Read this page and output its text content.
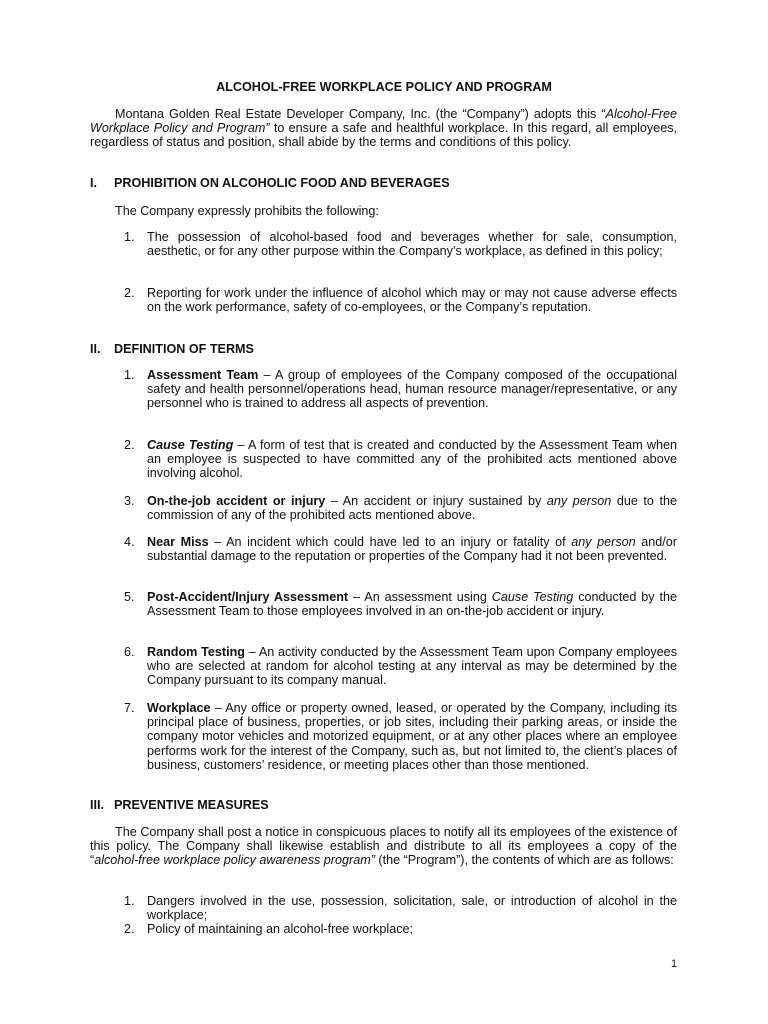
ALCOHOL-FREE WORKPLACE POLICY AND PROGRAM
Montana Golden Real Estate Developer Company, Inc. (the “Company”) adopts this “Alcohol-Free Workplace Policy and Program” to ensure a safe and healthful workplace. In this regard, all employees, regardless of status and position, shall abide by the terms and conditions of this policy.
I. PROHIBITION ON ALCOHOLIC FOOD AND BEVERAGES
The Company expressly prohibits the following:
1. The possession of alcohol-based food and beverages whether for sale, consumption, aesthetic, or for any other purpose within the Company’s workplace, as defined in this policy;
2. Reporting for work under the influence of alcohol which may or may not cause adverse effects on the work performance, safety of co-employees, or the Company’s reputation.
II. DEFINITION OF TERMS
1. Assessment Team – A group of employees of the Company composed of the occupational safety and health personnel/operations head, human resource manager/representative, or any personnel who is trained to address all aspects of prevention.
2. Cause Testing – A form of test that is created and conducted by the Assessment Team when an employee is suspected to have committed any of the prohibited acts mentioned above involving alcohol.
3. On-the-job accident or injury – An accident or injury sustained by any person due to the commission of any of the prohibited acts mentioned above.
4. Near Miss – An incident which could have led to an injury or fatality of any person and/or substantial damage to the reputation or properties of the Company had it not been prevented.
5. Post-Accident/Injury Assessment – An assessment using Cause Testing conducted by the Assessment Team to those employees involved in an on-the-job accident or injury.
6. Random Testing – An activity conducted by the Assessment Team upon Company employees who are selected at random for alcohol testing at any interval as may be determined by the Company pursuant to its company manual.
7. Workplace – Any office or property owned, leased, or operated by the Company, including its principal place of business, properties, or job sites, including their parking areas, or inside the company motor vehicles and motorized equipment, or at any other places where an employee performs work for the interest of the Company, such as, but not limited to, the client’s places of business, customers’ residence, or meeting places other than those mentioned.
III. PREVENTIVE MEASURES
The Company shall post a notice in conspicuous places to notify all its employees of the existence of this policy. The Company shall likewise establish and distribute to all its employees a copy of the “alcohol-free workplace policy awareness program” (the “Program”), the contents of which are as follows:
1. Dangers involved in the use, possession, solicitation, sale, or introduction of alcohol in the workplace;
2. Policy of maintaining an alcohol-free workplace;
1
